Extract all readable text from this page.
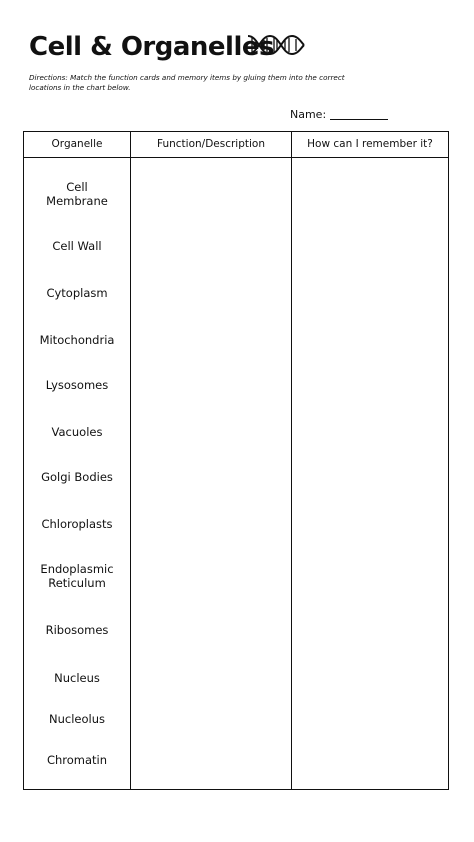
Cell & Organelles
Directions: Match the function cards and memory items by gluing them into the correct locations in the chart below.
Name:
Organelle	Function/Description	How can I remember it?
Cell
Membrane
Cell Wall
Cytoplasm
Mitochondria
Lysosomes
Vacuoles
Golgi Bodies
Chloroplasts
Endoplasmic
Reticulum
Ribosomes
Nucleus
Nucleolus
Chromatin
